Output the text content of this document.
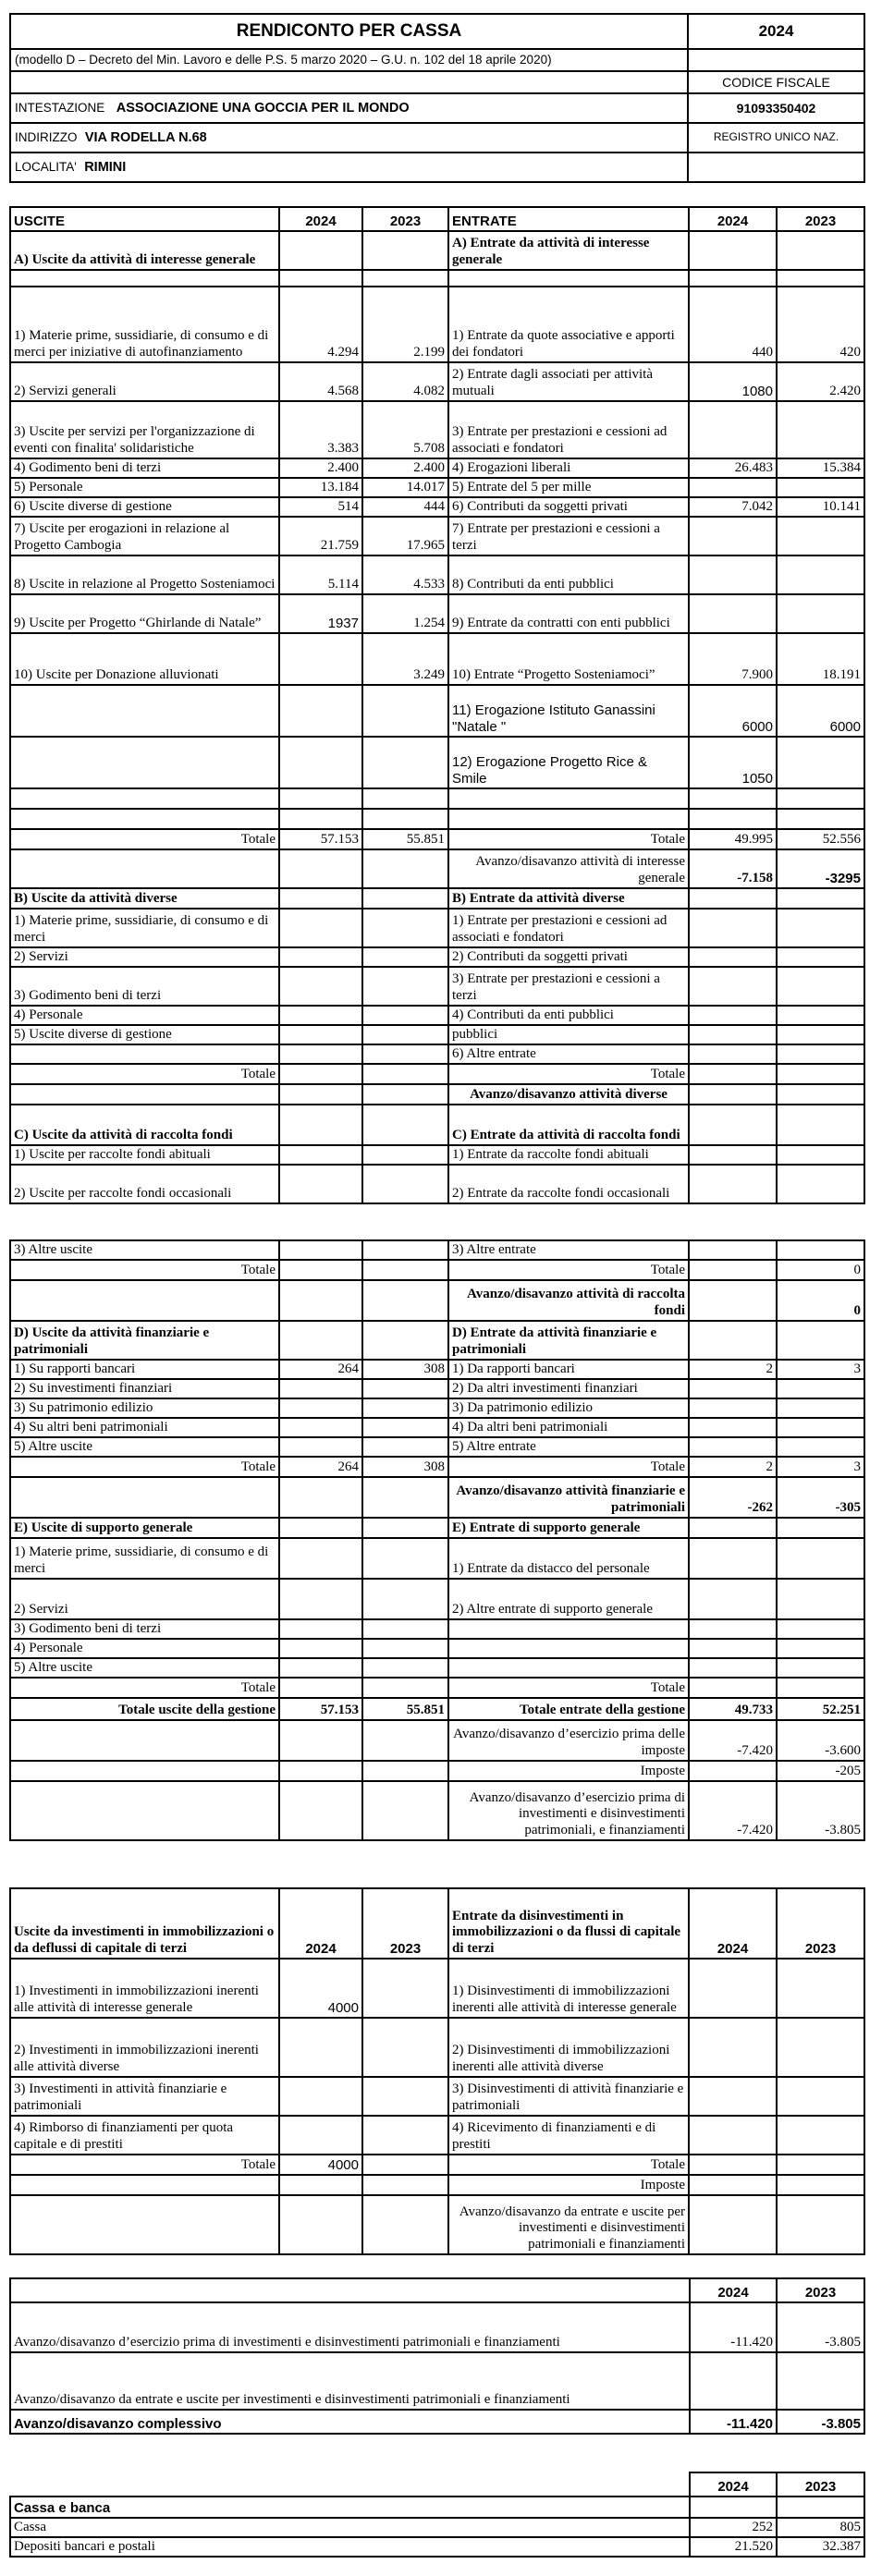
RENDICONTO PER CASSA	2024
(modello D – Decreto del Min. Lavoro e delle P.S. 5 marzo 2020 – G.U. n. 102 del 18 aprile 2020)	
	CODICE FISCALE
INTESTAZIONE ASSOCIAZIONE UNA GOCCIA PER IL MONDO	91093350402
INDIRIZZO VIA RODELLA N.68	REGISTRO UNICO NAZ.
LOCALITA' RIMINI	
USCITE	2024	2023	ENTRATE	2024	2023
A) Uscite da attività di interesse generale			A) Entrate da attività di interesse generale		

1) Materie prime, sussidiarie, di consumo e di merci per iniziative di autofinanziamento	4.294	2.199	1) Entrate da quote associative e apporti dei fondatori	440	420
2) Servizi generali	4.568	4.082	2) Entrate dagli associati per attività mutuali	1080	2.420
3) Uscite per servizi per l'organizzazione di eventi con finalita' solidaristiche	3.383	5.708	3) Entrate per prestazioni e cessioni ad associati e fondatori		
4) Godimento beni di terzi	2.400	2.400	4) Erogazioni liberali	26.483	15.384
5) Personale	13.184	14.017	5) Entrate del 5 per mille		
6) Uscite diverse di gestione	514	444	6) Contributi da soggetti privati	7.042	10.141
7) Uscite per erogazioni in relazione al Progetto Cambogia	21.759	17.965	7) Entrate per prestazioni e cessioni a terzi		
8) Uscite in relazione al Progetto Sosteniamoci	5.114	4.533	8) Contributi da enti pubblici		
9) Uscite per Progetto “Ghirlande di Natale”	1937	1.254	9) Entrate da contratti con enti pubblici		
10) Uscite per Donazione alluvionati		3.249	10) Entrate “Progetto Sosteniamoci”	7.900	18.191
			11) Erogazione Istituto Ganassini "Natale "	6000	6000
			12) Erogazione Progetto Rice & Smile	1050	

Totale	57.153	55.851	Totale	49.995	52.556
			Avanzo/disavanzo attività di interesse generale	-7.158	-3295
B) Uscite da attività diverse			B) Entrate da attività diverse		
1) Materie prime, sussidiarie, di consumo e di merci			1) Entrate per prestazioni e cessioni ad associati e fondatori		
2) Servizi			2) Contributi da soggetti privati		
3) Godimento beni di terzi			3) Entrate per prestazioni e cessioni a terzi		
4) Personale			4) Contributi da enti pubblici		
5) Uscite diverse di gestione			pubblici		
			6) Altre entrate		
Totale			Totale		
			Avanzo/disavanzo attività diverse		
C) Uscite da attività di raccolta fondi			C) Entrate da attività di raccolta fondi		
1) Uscite per raccolte fondi abituali			1) Entrate da raccolte fondi abituali		
2) Uscite per raccolte fondi occasionali			2) Entrate da raccolte fondi occasionali		
3) Altre uscite			3) Altre entrate		
Totale			Totale		0
			Avanzo/disavanzo attività di raccolta fondi		0
D) Uscite da attività finanziarie e patrimoniali			D) Entrate da attività finanziarie e patrimoniali		
1) Su rapporti bancari	264	308	1) Da rapporti bancari	2	3
2) Su investimenti finanziari			2) Da altri investimenti finanziari		
3) Su patrimonio edilizio			3) Da patrimonio edilizio		
4) Su altri beni patrimoniali			4) Da altri beni patrimoniali		
5) Altre uscite			5) Altre entrate		
Totale	264	308	Totale	2	3
			Avanzo/disavanzo attività finanziarie e patrimoniali	-262	-305
E) Uscite di supporto generale			E) Entrate di supporto generale		
1) Materie prime, sussidiarie, di consumo e di merci			1) Entrate da distacco del personale		
2) Servizi			2) Altre entrate di supporto generale		
3) Godimento beni di terzi					
4) Personale					
5) Altre uscite					
Totale			Totale		
Totale uscite della gestione	57.153	55.851	Totale entrate della gestione	49.733	52.251
			Avanzo/disavanzo d’esercizio prima delle imposte	-7.420	-3.600
			Imposte		-205
			Avanzo/disavanzo d’esercizio prima di investimenti e disinvestimenti patrimoniali, e finanziamenti	-7.420	-3.805
Uscite da investimenti in immobilizzazioni o da deflussi di capitale di terzi	2024	2023	Entrate da disinvestimenti in immobilizzazioni o da flussi di capitale di terzi	2024	2023
1) Investimenti in immobilizzazioni inerenti alle attività di interesse generale	4000		1) Disinvestimenti di immobilizzazioni inerenti alle attività di interesse generale		
2) Investimenti in immobilizzazioni inerenti alle attività diverse			2) Disinvestimenti di immobilizzazioni inerenti alle attività diverse		
3) Investimenti in attività finanziarie e patrimoniali			3) Disinvestimenti di attività finanziarie e patrimoniali		
4) Rimborso di finanziamenti per quota capitale e di prestiti			4) Ricevimento di finanziamenti e di prestiti		
Totale	4000		Totale		
			Imposte		
			Avanzo/disavanzo da entrate e uscite per investimenti e disinvestimenti patrimoniali e finanziamenti		
	2024	2023
Avanzo/disavanzo d’esercizio prima di investimenti e disinvestimenti patrimoniali e finanziamenti	-11.420	-3.805
Avanzo/disavanzo da entrate e uscite per investimenti e disinvestimenti patrimoniali e finanziamenti		
Avanzo/disavanzo complessivo	-11.420	-3.805
	2024	2023
Cassa e banca		
Cassa	252	805
Depositi bancari e postali	21.520	32.387
